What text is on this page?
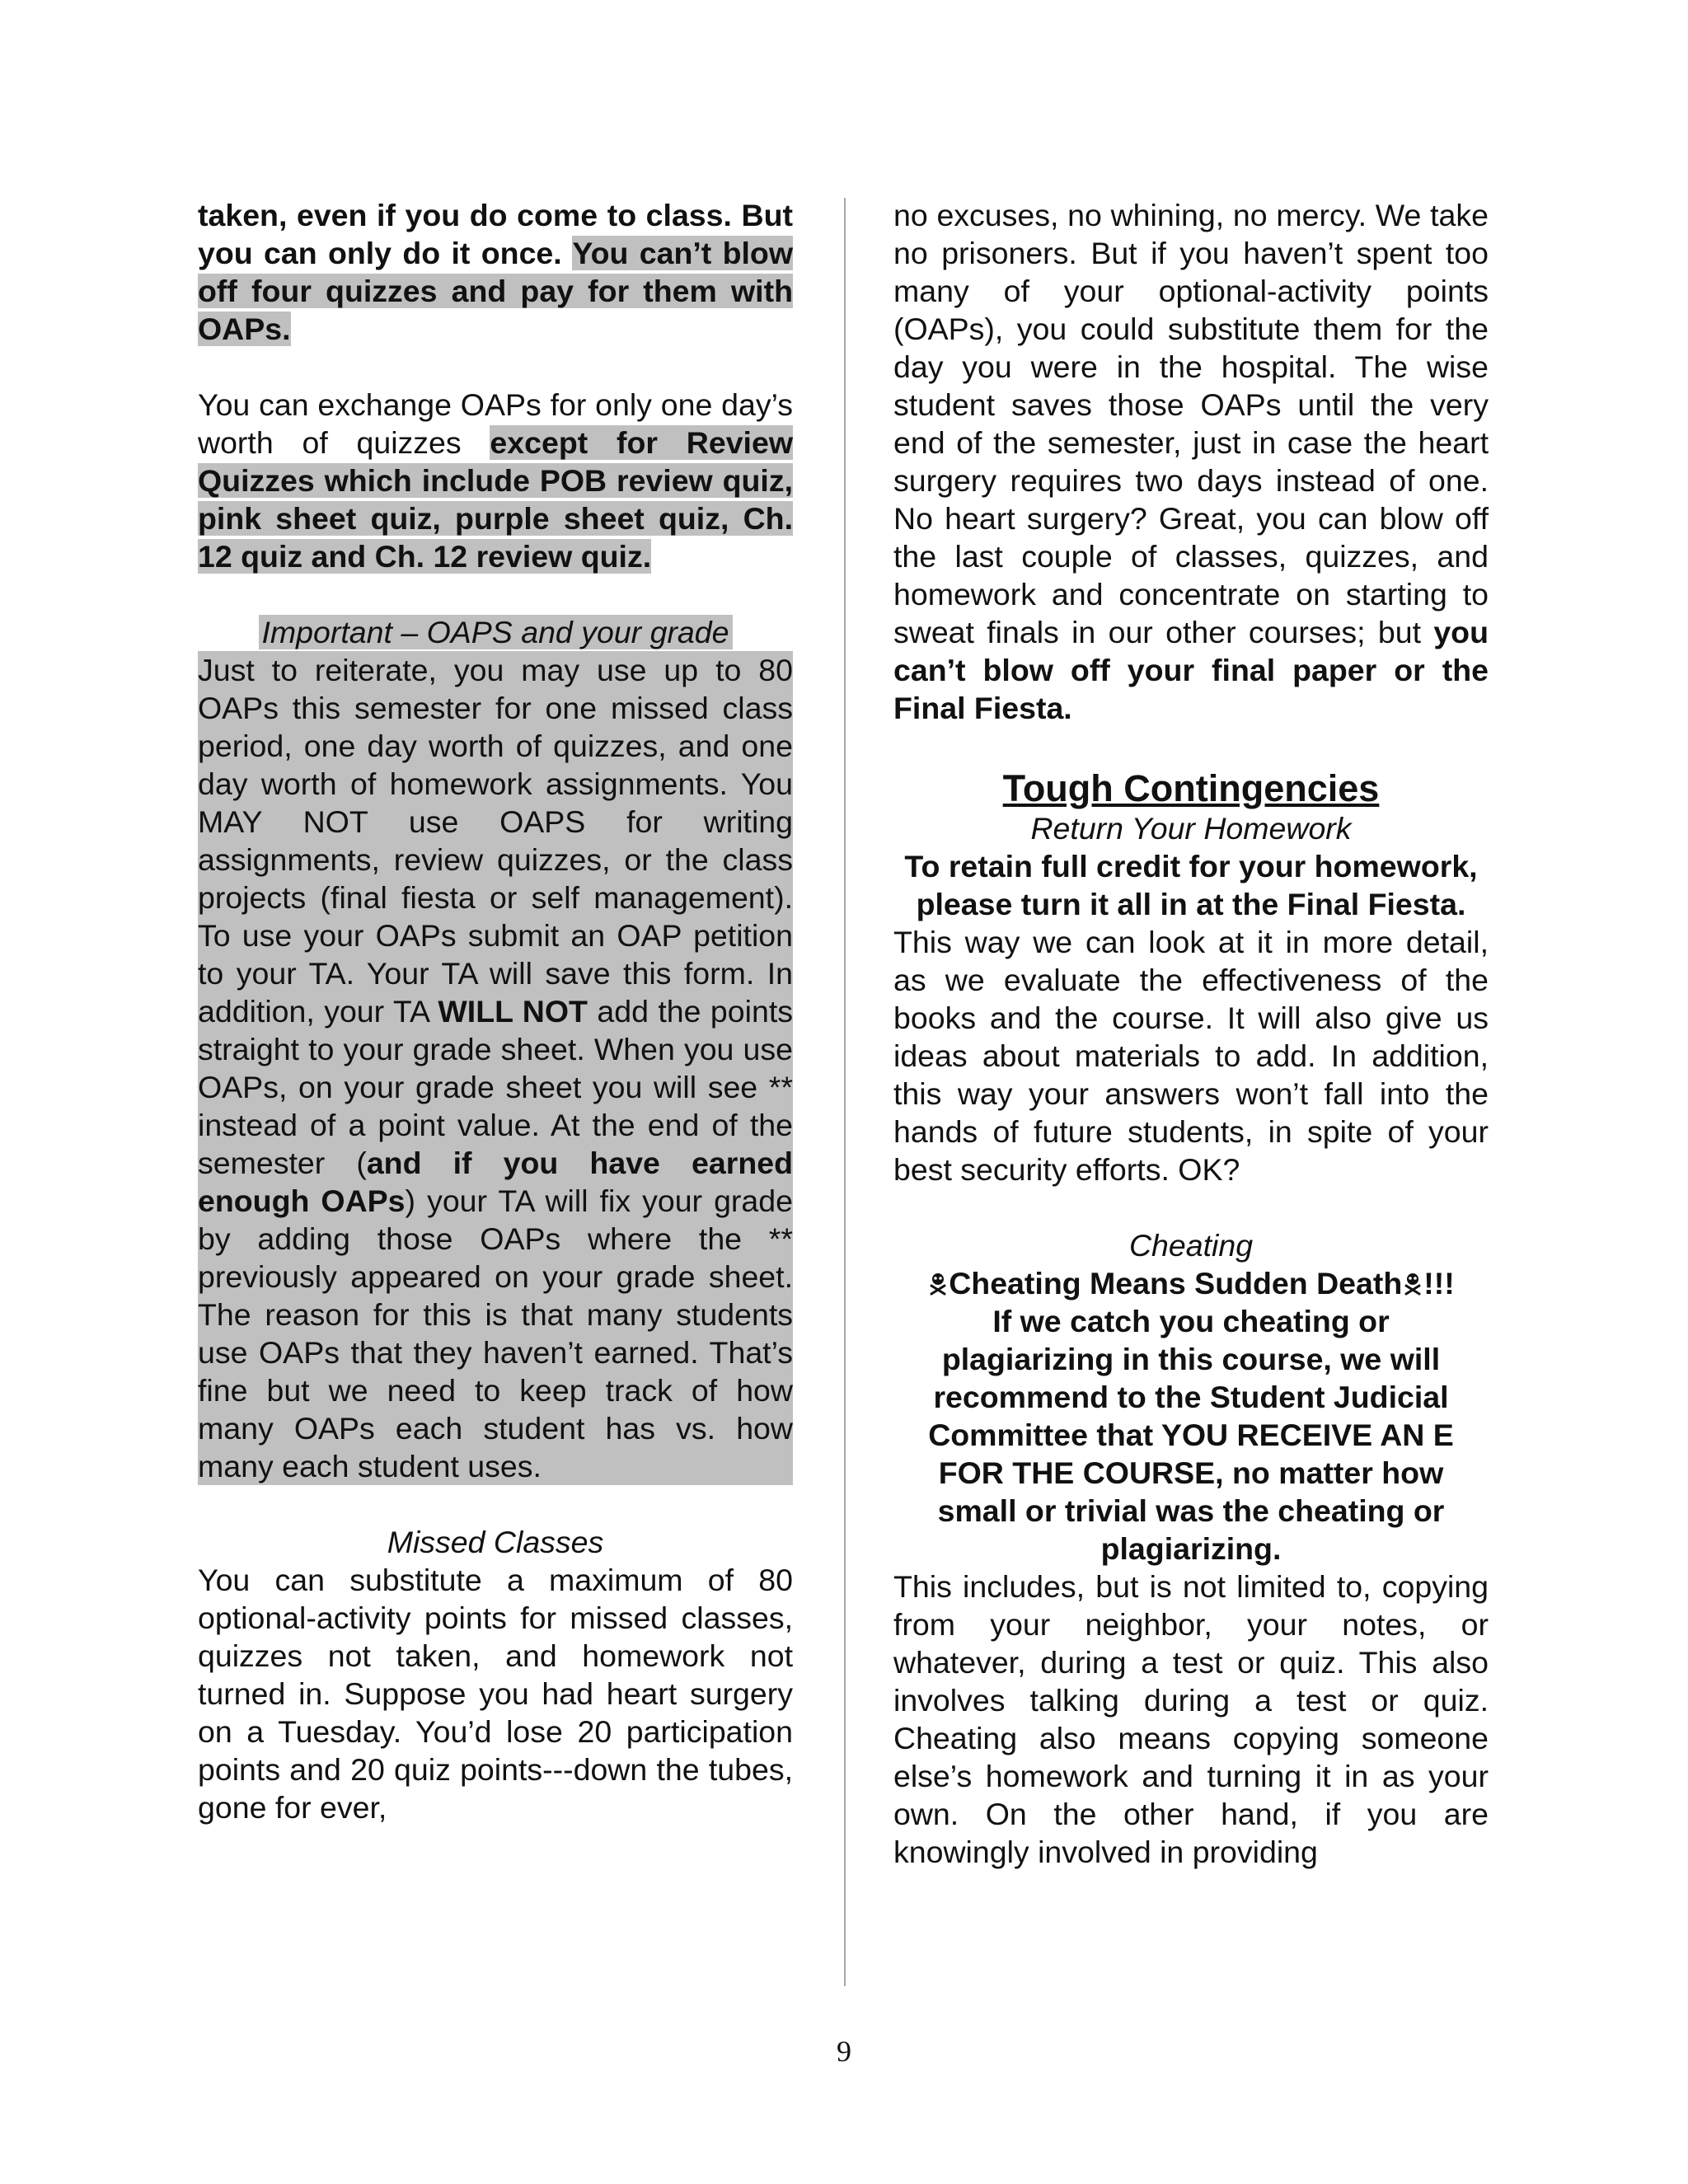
taken, even if you do come to class. But you can only do it once. You can’t blow off four quizzes and pay for them with OAPs.

You can exchange OAPs for only one day’s worth of quizzes except for Review Quizzes which include POB review quiz, pink sheet quiz, purple sheet quiz, Ch. 12 quiz and Ch. 12 review quiz.

Important – OAPS and your grade

Just to reiterate, you may use up to 80 OAPs this semester for one missed class period, one day worth of quizzes, and one day worth of homework assignments. You MAY NOT use OAPS for writing assignments, review quizzes, or the class projects (final fiesta or self management). To use your OAPs submit an OAP petition to your TA. Your TA will save this form. In addition, your TA WILL NOT add the points straight to your grade sheet. When you use OAPs, on your grade sheet you will see ** instead of a point value. At the end of the semester (and if you have earned enough OAPs) your TA will fix your grade by adding those OAPs where the ** previously appeared on your grade sheet. The reason for this is that many students use OAPs that they haven’t earned. That’s fine but we need to keep track of how many OAPs each student has vs. how many each student uses.

Missed Classes

You can substitute a maximum of 80 optional-activity points for missed classes, quizzes not taken, and homework not turned in. Suppose you had heart surgery on a Tuesday. You’d lose 20 participation points and 20 quiz points---down the tubes, gone for ever,

no excuses, no whining, no mercy. We take no prisoners. But if you haven’t spent too many of your optional-activity points (OAPs), you could substitute them for the day you were in the hospital. The wise student saves those OAPs until the very end of the semester, just in case the heart surgery requires two days instead of one. No heart surgery? Great, you can blow off the last couple of classes, quizzes, and homework and concentrate on starting to sweat finals in our other courses; but you can’t blow off your final paper or the Final Fiesta.

Tough Contingencies

Return Your Homework

To retain full credit for your homework, please turn it all in at the Final Fiesta.

This way we can look at it in more detail, as we evaluate the effectiveness of the books and the course. It will also give us ideas about materials to add. In addition, this way your answers won’t fall into the hands of future students, in spite of your best security efforts. OK?

Cheating

Cheating Means Sudden Death !!!

If we catch you cheating or plagiarizing in this course, we will recommend to the Student Judicial Committee that YOU RECEIVE AN E FOR THE COURSE, no matter how small or trivial was the cheating or plagiarizing.

This includes, but is not limited to, copying from your neighbor, your notes, or whatever, during a test or quiz. This also involves talking during a test or quiz. Cheating also means copying someone else’s homework and turning it in as your own. On the other hand, if you are knowingly involved in providing

9
